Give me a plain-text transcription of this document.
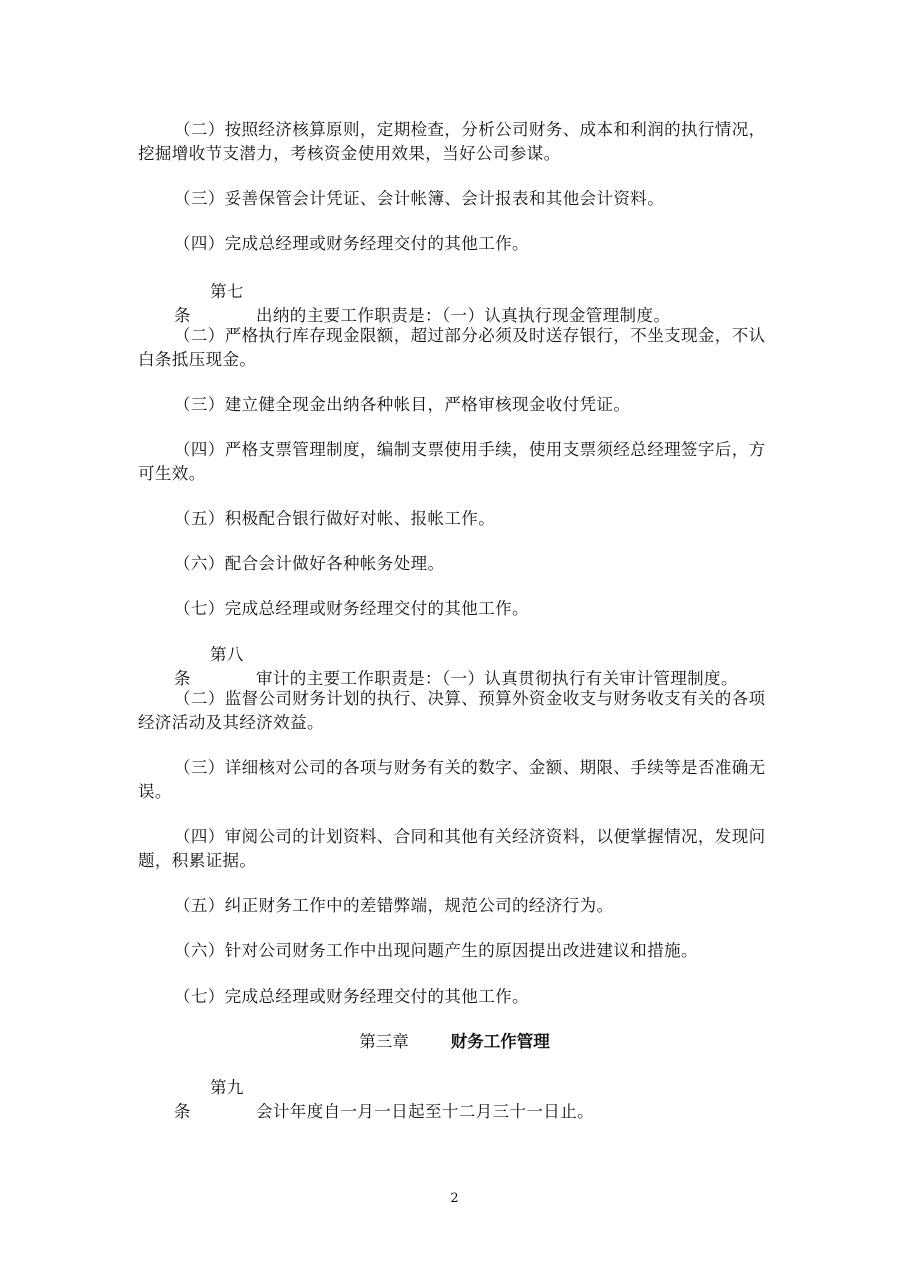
（二）按照经济核算原则，定期检查，分析公司财务、成本和利润的执行情况，挖掘增收节支潜力，考核资金使用效果，当好公司参谋。

（三）妥善保管会计凭证、会计帐簿、会计报表和其他会计资料。

（四）完成总经理或财务经理交付的其他工作。

第七条	出纳的主要工作职责是：（一）认真执行现金管理制度。

（二）严格执行库存现金限额，超过部分必须及时送存银行，不坐支现金，不认白条抵压现金。

（三）建立健全现金出纳各种帐目，严格审核现金收付凭证。

（四）严格支票管理制度，编制支票使用手续，使用支票须经总经理签字后，方可生效。

（五）积极配合银行做好对帐、报帐工作。

（六）配合会计做好各种帐务处理。

（七）完成总经理或财务经理交付的其他工作。

第八条	审计的主要工作职责是：（一）认真贯彻执行有关审计管理制度。

（二）监督公司财务计划的执行、决算、预算外资金收支与财务收支有关的各项经济活动及其经济效益。

（三）详细核对公司的各项与财务有关的数字、金额、期限、手续等是否准确无误。

（四）审阅公司的计划资料、合同和其他有关经济资料，以便掌握情况，发现问题，积累证据。

（五）纠正财务工作中的差错弊端，规范公司的经济行为。

（六）针对公司财务工作中出现问题产生的原因提出改进建议和措施。

（七）完成总经理或财务经理交付的其他工作。

第三章	财务工作管理

第九条	会计年度自一月一日起至十二月三十一日止。

2
